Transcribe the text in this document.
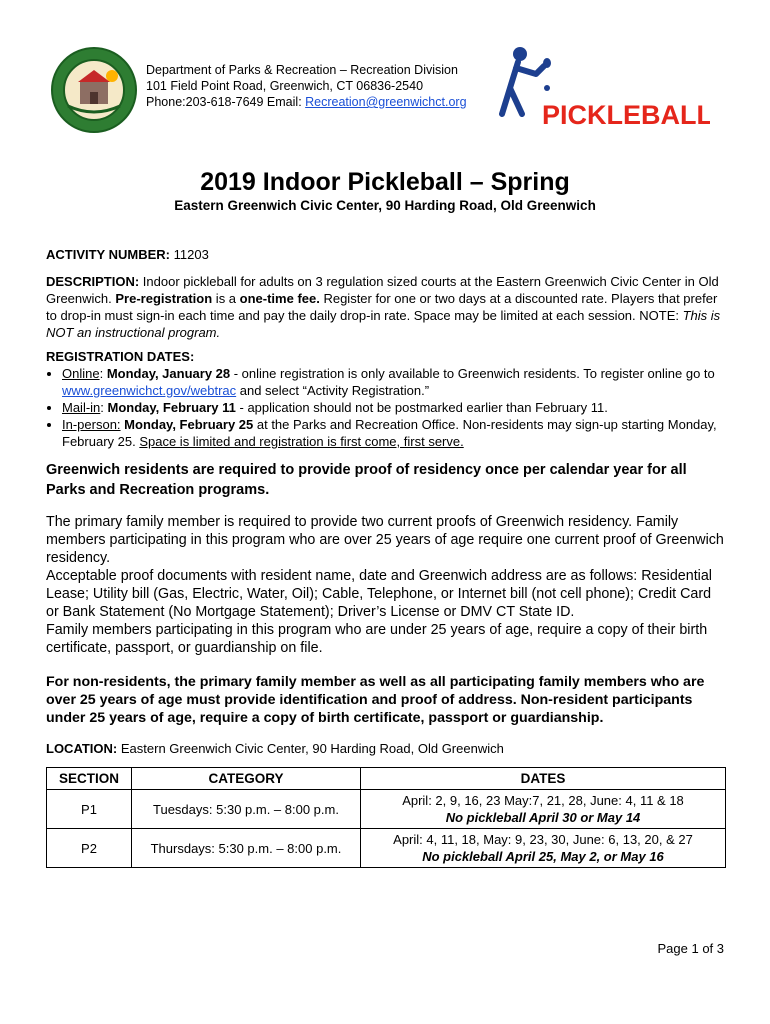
Department of Parks & Recreation – Recreation Division
101 Field Point Road, Greenwich, CT 06836-2540
Phone:203-618-7649 Email: Recreation@greenwichct.org	PICKLEBALL
2019 Indoor Pickleball – Spring
Eastern Greenwich Civic Center, 90 Harding Road, Old Greenwich

ACTIVITY NUMBER: 11203

DESCRIPTION: Indoor pickleball for adults on 3 regulation sized courts at the Eastern Greenwich Civic Center in Old Greenwich. Pre-registration is a one-time fee. Register for one or two days at a discounted rate. Players that prefer to drop-in must sign-in each time and pay the daily drop-in rate. Space may be limited at each session. NOTE: This is NOT an instructional program.

REGISTRATION DATES:

• Online: Monday, January 28 - online registration is only available to Greenwich residents. To register online go to www.greenwichct.gov/webtrac and select “Activity Registration.”
• Mail-in: Monday, February 11 - application should not be postmarked earlier than February 11.
• In-person: Monday, February 25 at the Parks and Recreation Office. Non-residents may sign-up starting Monday, February 25. Space is limited and registration is first come, first serve.

Greenwich residents are required to provide proof of residency once per calendar year for all Parks and Recreation programs.

The primary family member is required to provide two current proofs of Greenwich residency. Family members participating in this program who are over 25 years of age require one current proof of Greenwich residency.

Acceptable proof documents with resident name, date and Greenwich address are as follows: Residential Lease; Utility bill (Gas, Electric, Water, Oil); Cable, Telephone, or Internet bill (not cell phone); Credit Card or Bank Statement (No Mortgage Statement); Driver’s License or DMV CT State ID.

Family members participating in this program who are under 25 years of age, require a copy of their birth certificate, passport, or guardianship on file.

For non-residents, the primary family member as well as all participating family members who are over 25 years of age must provide identification and proof of address. Non-resident participants under 25 years of age, require a copy of birth certificate, passport or guardianship.

LOCATION: Eastern Greenwich Civic Center, 90 Harding Road, Old Greenwich

SECTION	CATEGORY	DATES
P1	Tuesdays: 5:30 p.m. – 8:00 p.m.	April: 2, 9, 16, 23 May:7, 21, 28, June: 4, 11 & 18
No pickleball April 30 or May 14

P2	Thursdays: 5:30 p.m. – 8:00 p.m.	April: 4, 11, 18, May: 9, 23, 30, June: 6, 13, 20, & 27
No pickleball April 25, May 2, or May 16
Page 1 of 3
